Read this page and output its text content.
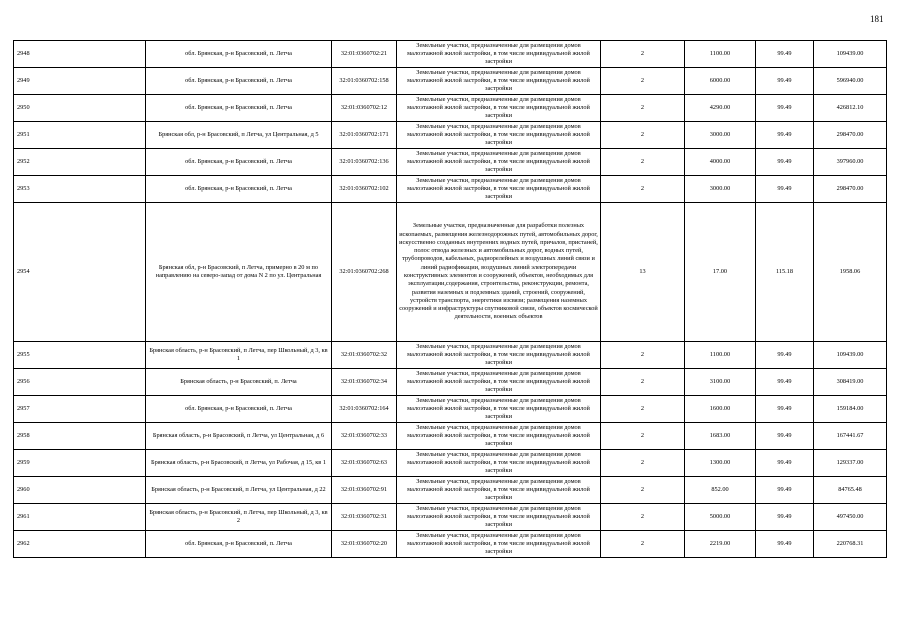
181
2948	обл. Брянская, р-н Брасовский, п. Летча	32:01:0360702:21	Земельные участки, предназначенные для размещения домов малоэтажной жилой застройки, в том числе индивидуальной жилой застройки	2	1100.00	99.49	109439.00
2949	обл. Брянская, р-н Брасовский, п. Летча	32:01:0360702:158	Земельные участки, предназначенные для размещения домов малоэтажной жилой застройки, в том числе индивидуальной жилой застройки	2	6000.00	99.49	596940.00
2950	обл. Брянская, р-н Брасовский, п. Летча	32:01:0360702:12	Земельные участки, предназначенные для размещения домов малоэтажной жилой застройки, в том числе индивидуальной жилой застройки	2	4290.00	99.49	426812.10
2951	Брянская обл, р-н Брасовский, п Летча, ул Центральная, д 5	32:01:0360702:171	Земельные участки, предназначенные для размещения домов малоэтажной жилой застройки, в том числе индивидуальной жилой застройки	2	3000.00	99.49	298470.00
2952	обл. Брянская, р-н Брасовский, п. Летча	32:01:0360702:136	Земельные участки, предназначенные для размещения домов малоэтажной жилой застройки, в том числе индивидуальной жилой застройки	2	4000.00	99.49	397960.00
2953	обл. Брянская, р-н Брасовский, п. Летча	32:01:0360702:102	Земельные участки, предназначенные для размещения домов малоэтажной жилой застройки, в том числе индивидуальной жилой застройки	2	3000.00	99.49	298470.00
2954	Брянская обл, р-н Брасовский, п Летча, примерно в 20 м по направлению на северо-запад от дома N 2 по ул. Центральная	32:01:0360702:268	Земельные участки, предназначенные для разработки полезных ископаемых, размещения железнодорожных путей, автомобильных дорог, искусственно созданных внутренних водных путей, причалов, пристаней, полос отвода железных и автомобильных дорог, водных путей, трубопроводов, кабельных, радиорелейных и воздушных линий связи и линий радиофикации, воздушных линий электропередачи конструктивных элементов и сооружений, объектов, необходимых для эксплуатации,содержания, строительства, реконструкции, ремонта, развития наземных и подземных зданий, строений, сооружений, устройств транспорта, энергетики изсвязи; размещения наземных сооружений и инфраструктуры спутниковой связи, объектов космической деятельности, военных объектов	13	17.00	115.18	1958.06
2955	Брянская область, р-н Брасовский, п Летча, пер Школьный, д 3, кв 1	32:01:0360702:32	Земельные участки, предназначенные для размещения домов малоэтажной жилой застройки, в том числе индивидуальной жилой застройки	2	1100.00	99.49	109439.00
2956	Брянская область, р-н Брасовский, п. Летча	32:01:0360702:34	Земельные участки, предназначенные для размещения домов малоэтажной жилой застройки, в том числе индивидуальной жилой застройки	2	3100.00	99.49	308419.00
2957	обл. Брянская, р-н Брасовский, п. Летча	32:01:0360702:164	Земельные участки, предназначенные для размещения домов малоэтажной жилой застройки, в том числе индивидуальной жилой застройки	2	1600.00	99.49	159184.00
2958	Брянская область, р-н Брасовский, п Летча, ул Центральная, д 6	32:01:0360702:33	Земельные участки, предназначенные для размещения домов малоэтажной жилой застройки, в том числе индивидуальной жилой застройки	2	1683.00	99.49	167441.67
2959	Брянская область, р-н Брасовский, п Летча, ул Рабочая, д 15, кв 1	32:01:0360702:63	Земельные участки, предназначенные для размещения домов малоэтажной жилой застройки, в том числе индивидуальной жилой застройки	2	1300.00	99.49	129337.00
2960	Брянская область, р-н Брасовский, п Летча, ул Центральная, д 22	32:01:0360702:91	Земельные участки, предназначенные для размещения домов малоэтажной жилой застройки, в том числе индивидуальной жилой застройки	2	852.00	99.49	84765.48
2961	Брянская область, р-н Брасовский, п Летча, пер Школьный, д 3, кв 2	32:01:0360702:31	Земельные участки, предназначенные для размещения домов малоэтажной жилой застройки, в том числе индивидуальной жилой застройки	2	5000.00	99.49	497450.00
2962	обл. Брянская, р-н Брасовский, п. Летча	32:01:0360702:20	Земельные участки, предназначенные для размещения домов малоэтажной жилой застройки, в том числе индивидуальной жилой застройки	2	2219.00	99.49	220768.31
